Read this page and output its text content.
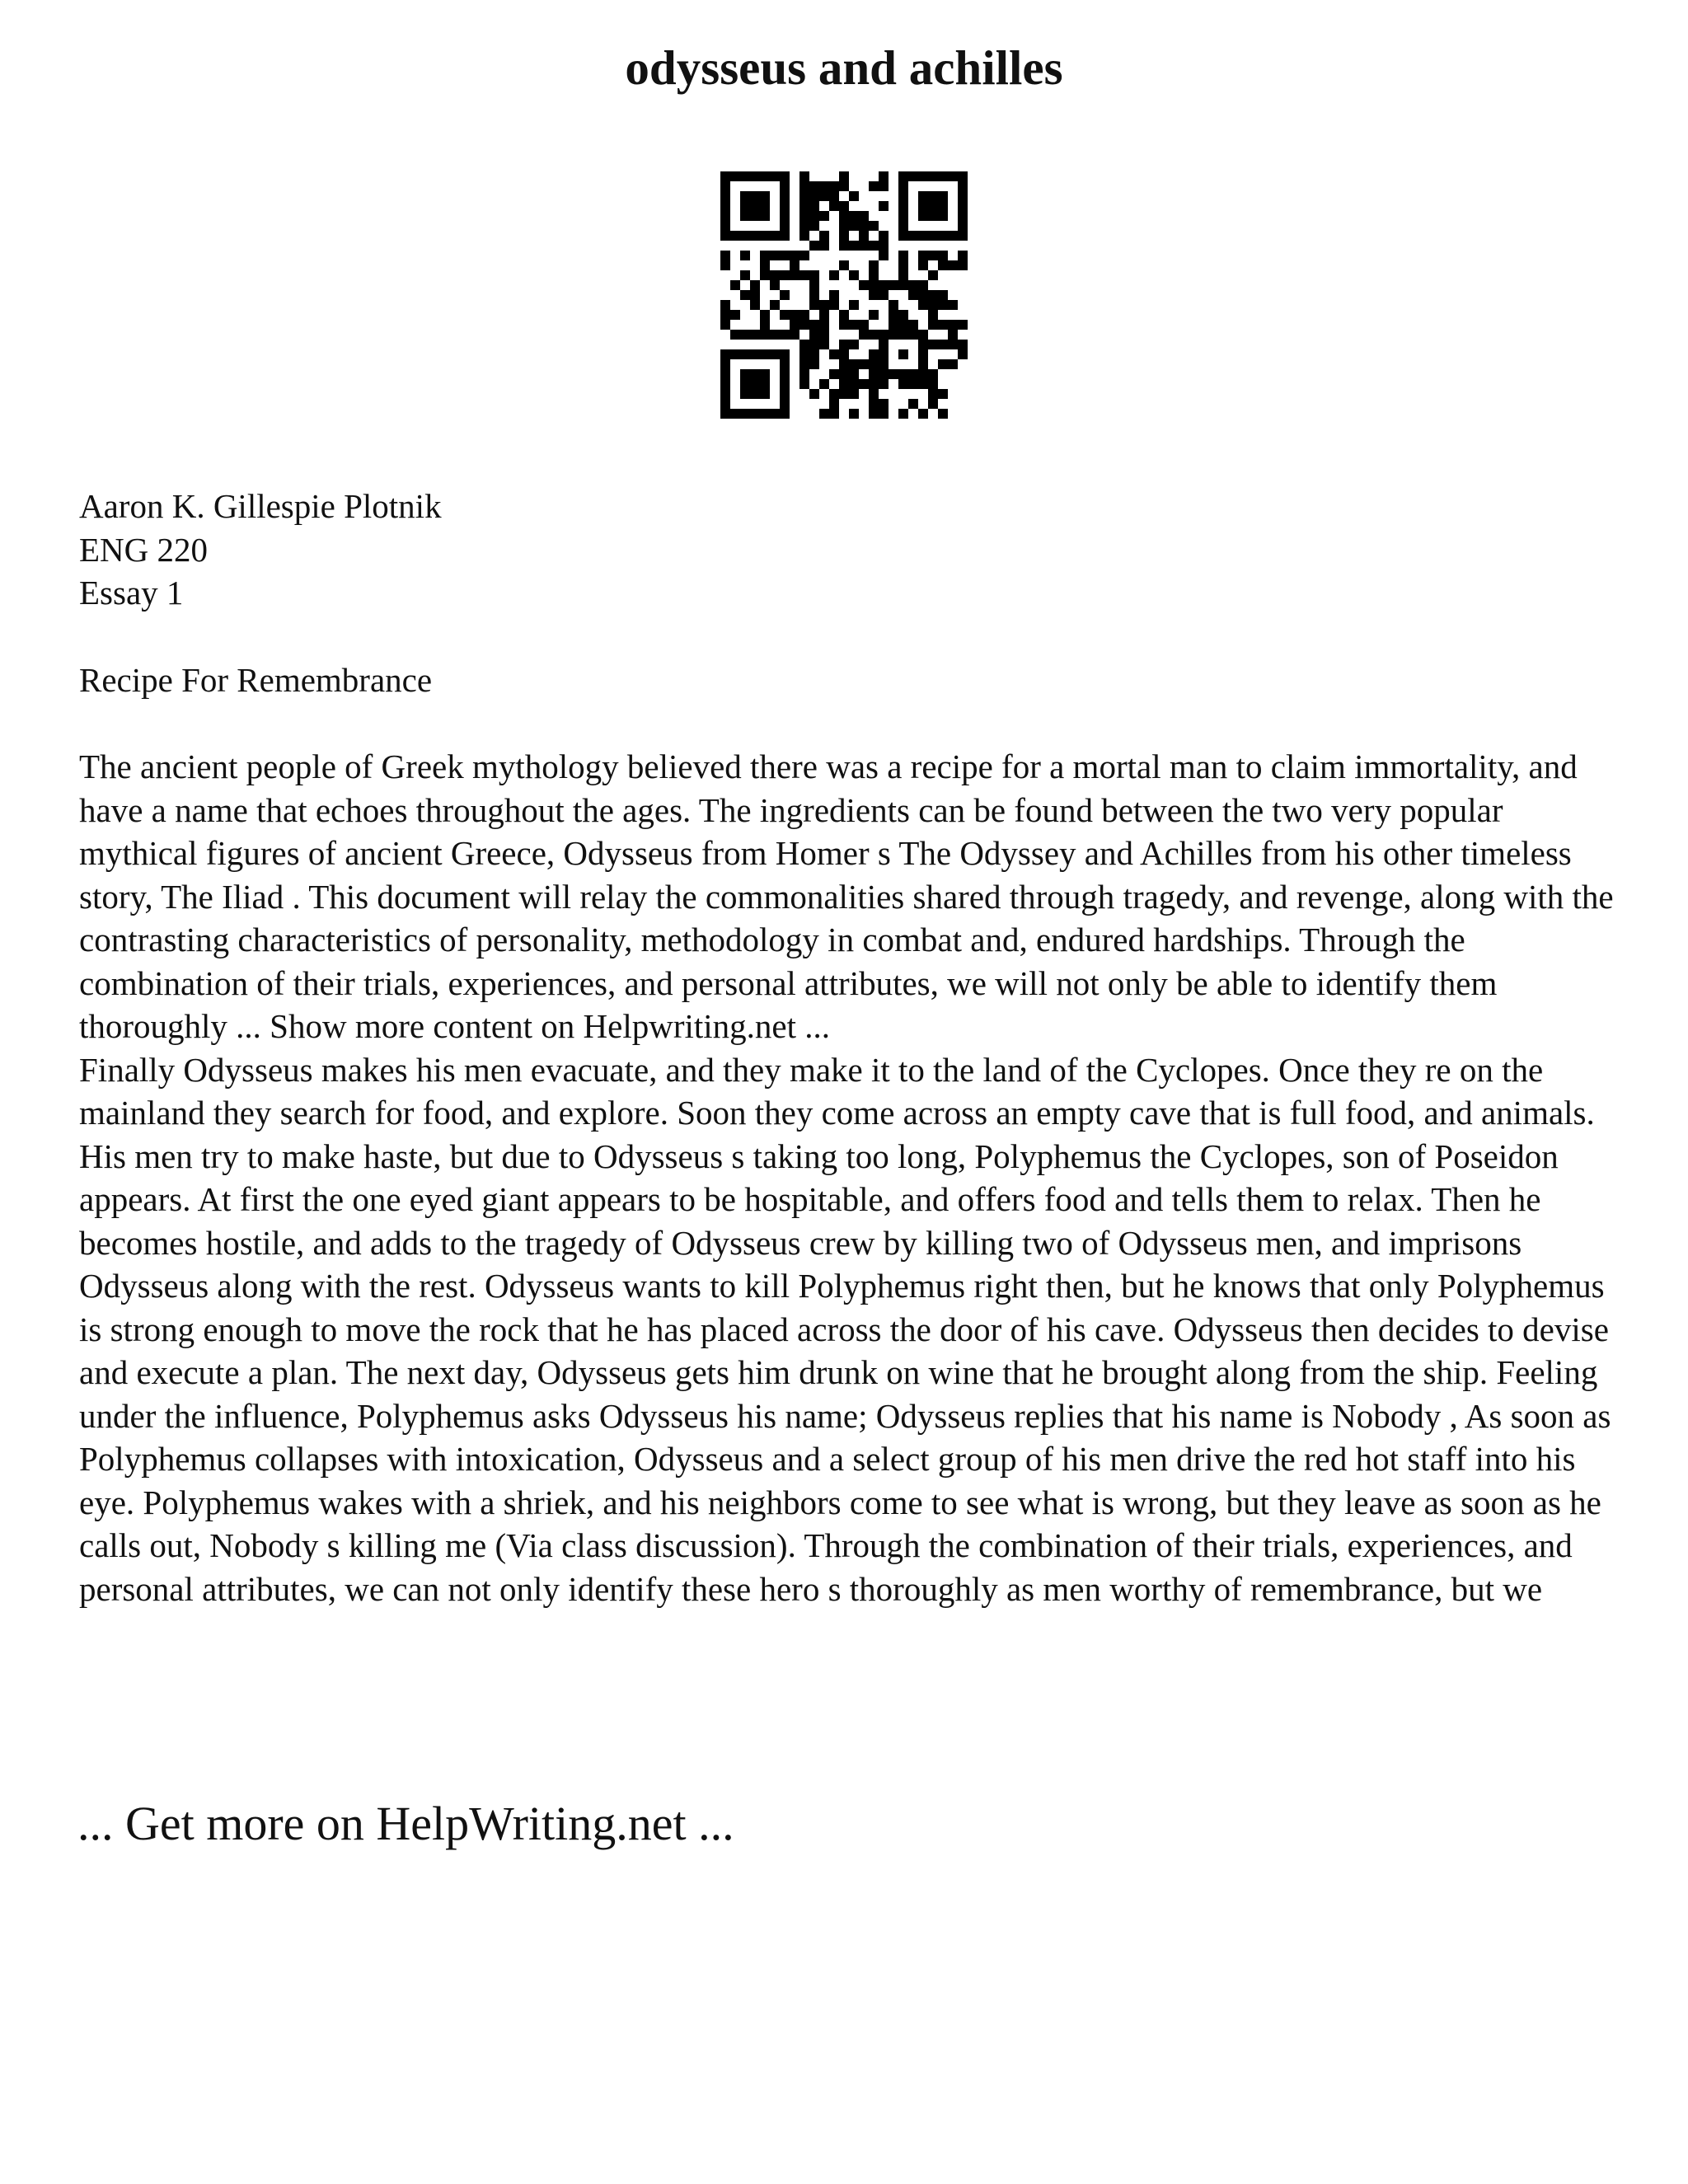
odysseus and achilles
Aaron K. Gillespie Plotnik
ENG 220
Essay 1
Recipe For Remembrance

The ancient people of Greek mythology believed there was a recipe for a mortal man to claim immortality, and have a name that echoes throughout the ages. The ingredients can be found between the two very popular mythical figures of ancient Greece, Odysseus from Homer s The Odyssey and Achilles from his other timeless story, The Iliad . This document will relay the commonalities shared through tragedy, and revenge, along with the contrasting characteristics of personality, methodology in combat and, endured hardships. Through the combination of their trials, experiences, and personal attributes, we will not only be able to identify them thoroughly ... Show more content on Helpwriting.net ...

Finally Odysseus makes his men evacuate, and they make it to the land of the Cyclopes. Once they re on the mainland they search for food, and explore. Soon they come across an empty cave that is full food, and animals. His men try to make haste, but due to Odysseus s taking too long, Polyphemus the Cyclopes, son of Poseidon appears. At first the one eyed giant appears to be hospitable, and offers food and tells them to relax. Then he becomes hostile, and adds to the tragedy of Odysseus crew by killing two of Odysseus men, and imprisons Odysseus along with the rest. Odysseus wants to kill Polyphemus right then, but he knows that only Polyphemus is strong enough to move the rock that he has placed across the door of his cave. Odysseus then decides to devise and execute a plan. The next day, Odysseus gets him drunk on wine that he brought along from the ship. Feeling under the influence, Polyphemus asks Odysseus his name; Odysseus replies that his name is Nobody , As soon as Polyphemus collapses with intoxication, Odysseus and a select group of his men drive the red hot staff into his eye. Polyphemus wakes with a shriek, and his neighbors come to see what is wrong, but they leave as soon as he calls out, Nobody s killing me (Via class discussion). Through the combination of their trials, experiences, and personal attributes, we can not only identify these hero s thoroughly as men worthy of remembrance, but we

... Get more on HelpWriting.net ...
